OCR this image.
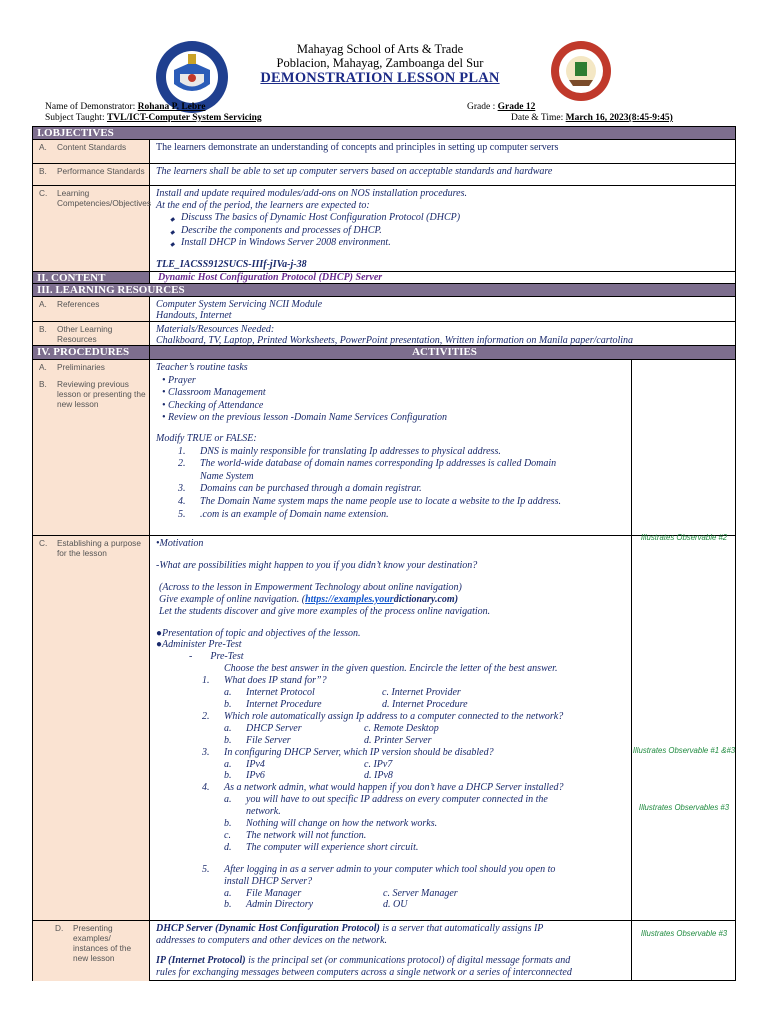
Mahayag School of Arts & Trade
Poblacion, Mahayag, Zamboanga del Sur
DEMONSTRATION LESSON PLAN
Name of Demonstrator: Rohana P. Lebre	Grade : Grade 12
Subject Taught: TVL/ICT-Computer System Servicing	Date & Time: March 16, 2023(8:45-9:45)
I.OBJECTIVES
A.	Content Standards	The learners demonstrate an understanding of concepts and principles in setting up computer servers
B.	Performance Standards	The learners shall be able to set up computer servers based on acceptable standards and hardware
C.	Learning Competencies/Objectives
Install and update required modules/add-ons on NOS installation procedures.
At the end of the period, the learners are expected to:
◆ Discuss The basics of Dynamic Host Configuration Protocol (DHCP)
◆ Describe the components and processes of DHCP.
◆ Install DHCP in Windows Server 2008 environment.
TLE_IACSS912SUCS-IIIf-jIVa-j-38
II. CONTENT	Dynamic Host Configuration Protocol (DHCP) Server
III. LEARNING RESOURCES
A.	References	Computer System Servicing NCII Module
Handouts, Internet
B.	Other Learning Resources
Materials/Resources Needed:
Chalkboard, TV, Laptop, Printed Worksheets, PowerPoint presentation, Written information on Manila paper/cartolina
IV. PROCEDURES	ACTIVITIES
A.	Preliminaries
B.	Reviewing previous lesson or presenting the new lesson
Teacher’s routine tasks
• Prayer
• Classroom Management
• Checking of Attendance
• Review on the previous lesson -Domain Name Services Configuration
Modify TRUE or FALSE:
1.	DNS is mainly responsible for translating Ip addresses to physical address.
2.	The world-wide database of domain names corresponding Ip addresses is called Domain
Name System
3.	Domains can be purchased through a domain registrar.
4.	The Domain Name system maps the name people use to locate a website to the Ip address.
5.	.com is an example of Domain name extension.
Illustrates Observable #2
C.	Establishing a purpose for the lesson
•Motivation
-What are possibilities might happen to you if you didn’t know your destination?
(Across to the lesson in Empowerment Technology about online navigation)
Give example of online navigation. (https://examples.yourdictionary.com)
Let the students discover and give more examples of the process online navigation.
●Presentation of topic and objectives of the lesson.
●Administer Pre-Test
- Pre-Test
Choose the best answer in the given question. Encircle the letter of the best answer.
1.	What does IP stand for”?
a.	Internet Protocol	c. Internet Provider
b.	Internet Procedure	d. Internet Procedure
2.	Which role automatically assign Ip address to a computer connected to the network?
a.	DHCP Server	c. Remote Desktop
b.	File Server	d. Printer Server
3.	In configuring DHCP Server, which IP version should be disabled?
a.	IPv4	c. IPv7
b.	IPv6	d. IPv8
4.	As a network admin, what would happen if you don’t have a DHCP Server installed?
a.	you will have to out specific IP address on every computer connected in the
network.
b.	Nothing will change on how the network works.
c.	The network will not function.
d.	The computer will experience short circuit.
5.	After logging in as a server admin to your computer which tool should you open to
install DHCP Server?
a.	File Manager	c. Server Manager
b.	Admin Directory	d. OU
Illustrates Observable #1 &#3
Illustrates Observables #3
D.	Presenting examples/ instances of the new lesson
DHCP Server (Dynamic Host Configuration Protocol) is a server that automatically assigns IP
addresses to computers and other devices on the network.
IP (Internet Protocol) is the principal set (or communications protocol) of digital message formats and
rules for exchanging messages between computers across a single network or a series of interconnected
Illustrates Observable #3
